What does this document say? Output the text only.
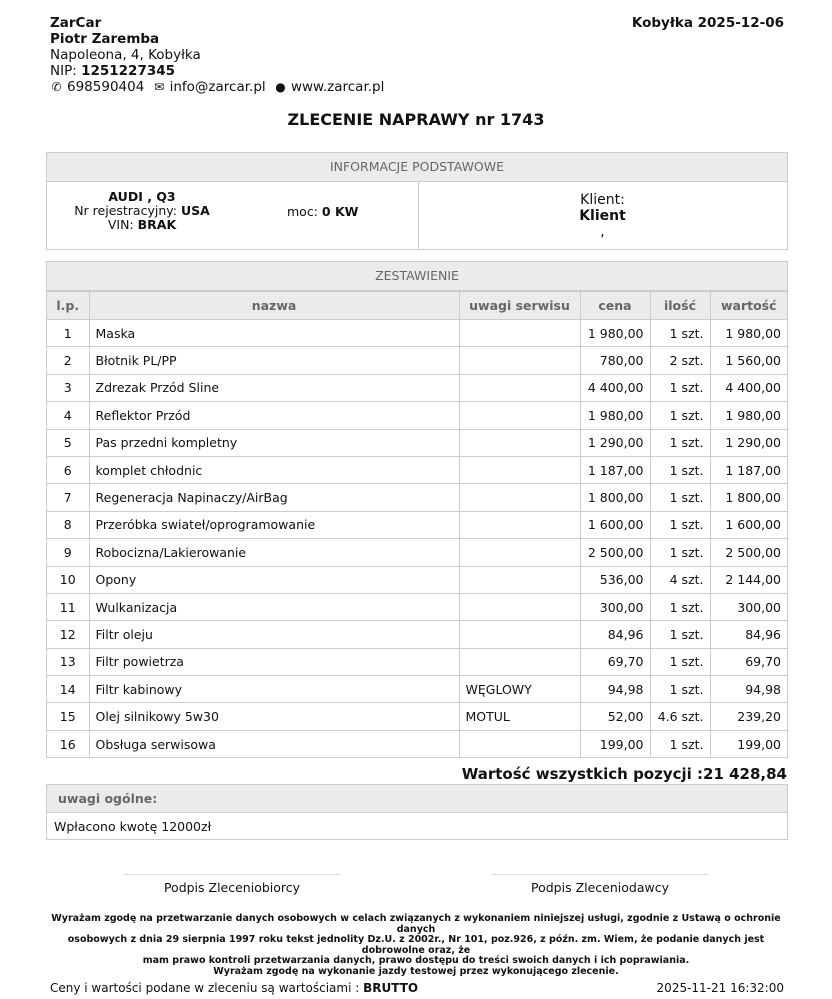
ZarCar
Piotr Zaremba
Napoleona, 4, Kobyłka
NIP: 1251227345
✆ 698590404 ✉ info@zarcar.pl ● www.zarcar.pl
Kobyłka 2025-12-06
ZLECENIE NAPRAWY nr 1743
INFORMACJE PODSTAWOWE
AUDI , Q3
Nr rejestracyjny: USA
VIN: BRAK
moc: 0 KW
Klient:
Klient
,
ZESTAWIENIE
l.p.	nazwa	uwagi serwisu	cena	ilość	wartość
1	Maska		1 980,00	1 szt.	1 980,00
2	Błotnik PL/PP		780,00	2 szt.	1 560,00
3	Zdrezak Przód Sline		4 400,00	1 szt.	4 400,00
4	Reflektor Przód		1 980,00	1 szt.	1 980,00
5	Pas przedni kompletny		1 290,00	1 szt.	1 290,00
6	komplet chłodnic		1 187,00	1 szt.	1 187,00
7	Regeneracja Napinaczy/AirBag		1 800,00	1 szt.	1 800,00
8	Przeróbka swiateł/oprogramowanie		1 600,00	1 szt.	1 600,00
9	Robocizna/Lakierowanie		2 500,00	1 szt.	2 500,00
10	Opony		536,00	4 szt.	2 144,00
11	Wulkanizacja		300,00	1 szt.	300,00
12	Filtr oleju		84,96	1 szt.	84,96
13	Filtr powietrza		69,70	1 szt.	69,70
14	Filtr kabinowy	WĘGLOWY	94,98	1 szt.	94,98
15	Olej silnikowy 5w30	MOTUL	52,00	4.6 szt.	239,20
16	Obsługa serwisowa		199,00	1 szt.	199,00
Wartość wszystkich pozycji :21 428,84
uwagi ogólne:
Wpłacono kwotę 12000zł
Podpis Zleceniobiorcy	Podpis Zleceniodawcy
Wyrażam zgodę na przetwarzanie danych osobowych w celach związanych z wykonaniem niniejszej usługi, zgodnie z Ustawą o ochronie danych
osobowych z dnia 29 sierpnia 1997 roku tekst jednolity Dz.U. z 2002r., Nr 101, poz.926, z późn. zm. Wiem, że podanie danych jest dobrowolne oraz, że
mam prawo kontroli przetwarzania danych, prawo dostępu do treści swoich danych i ich poprawiania.
Wyrażam zgodę na wykonanie jazdy testowej przez wykonującego zlecenie.
Ceny i wartości podane w zleceniu są wartościami : BRUTTO	2025-11-21 16:32:00
